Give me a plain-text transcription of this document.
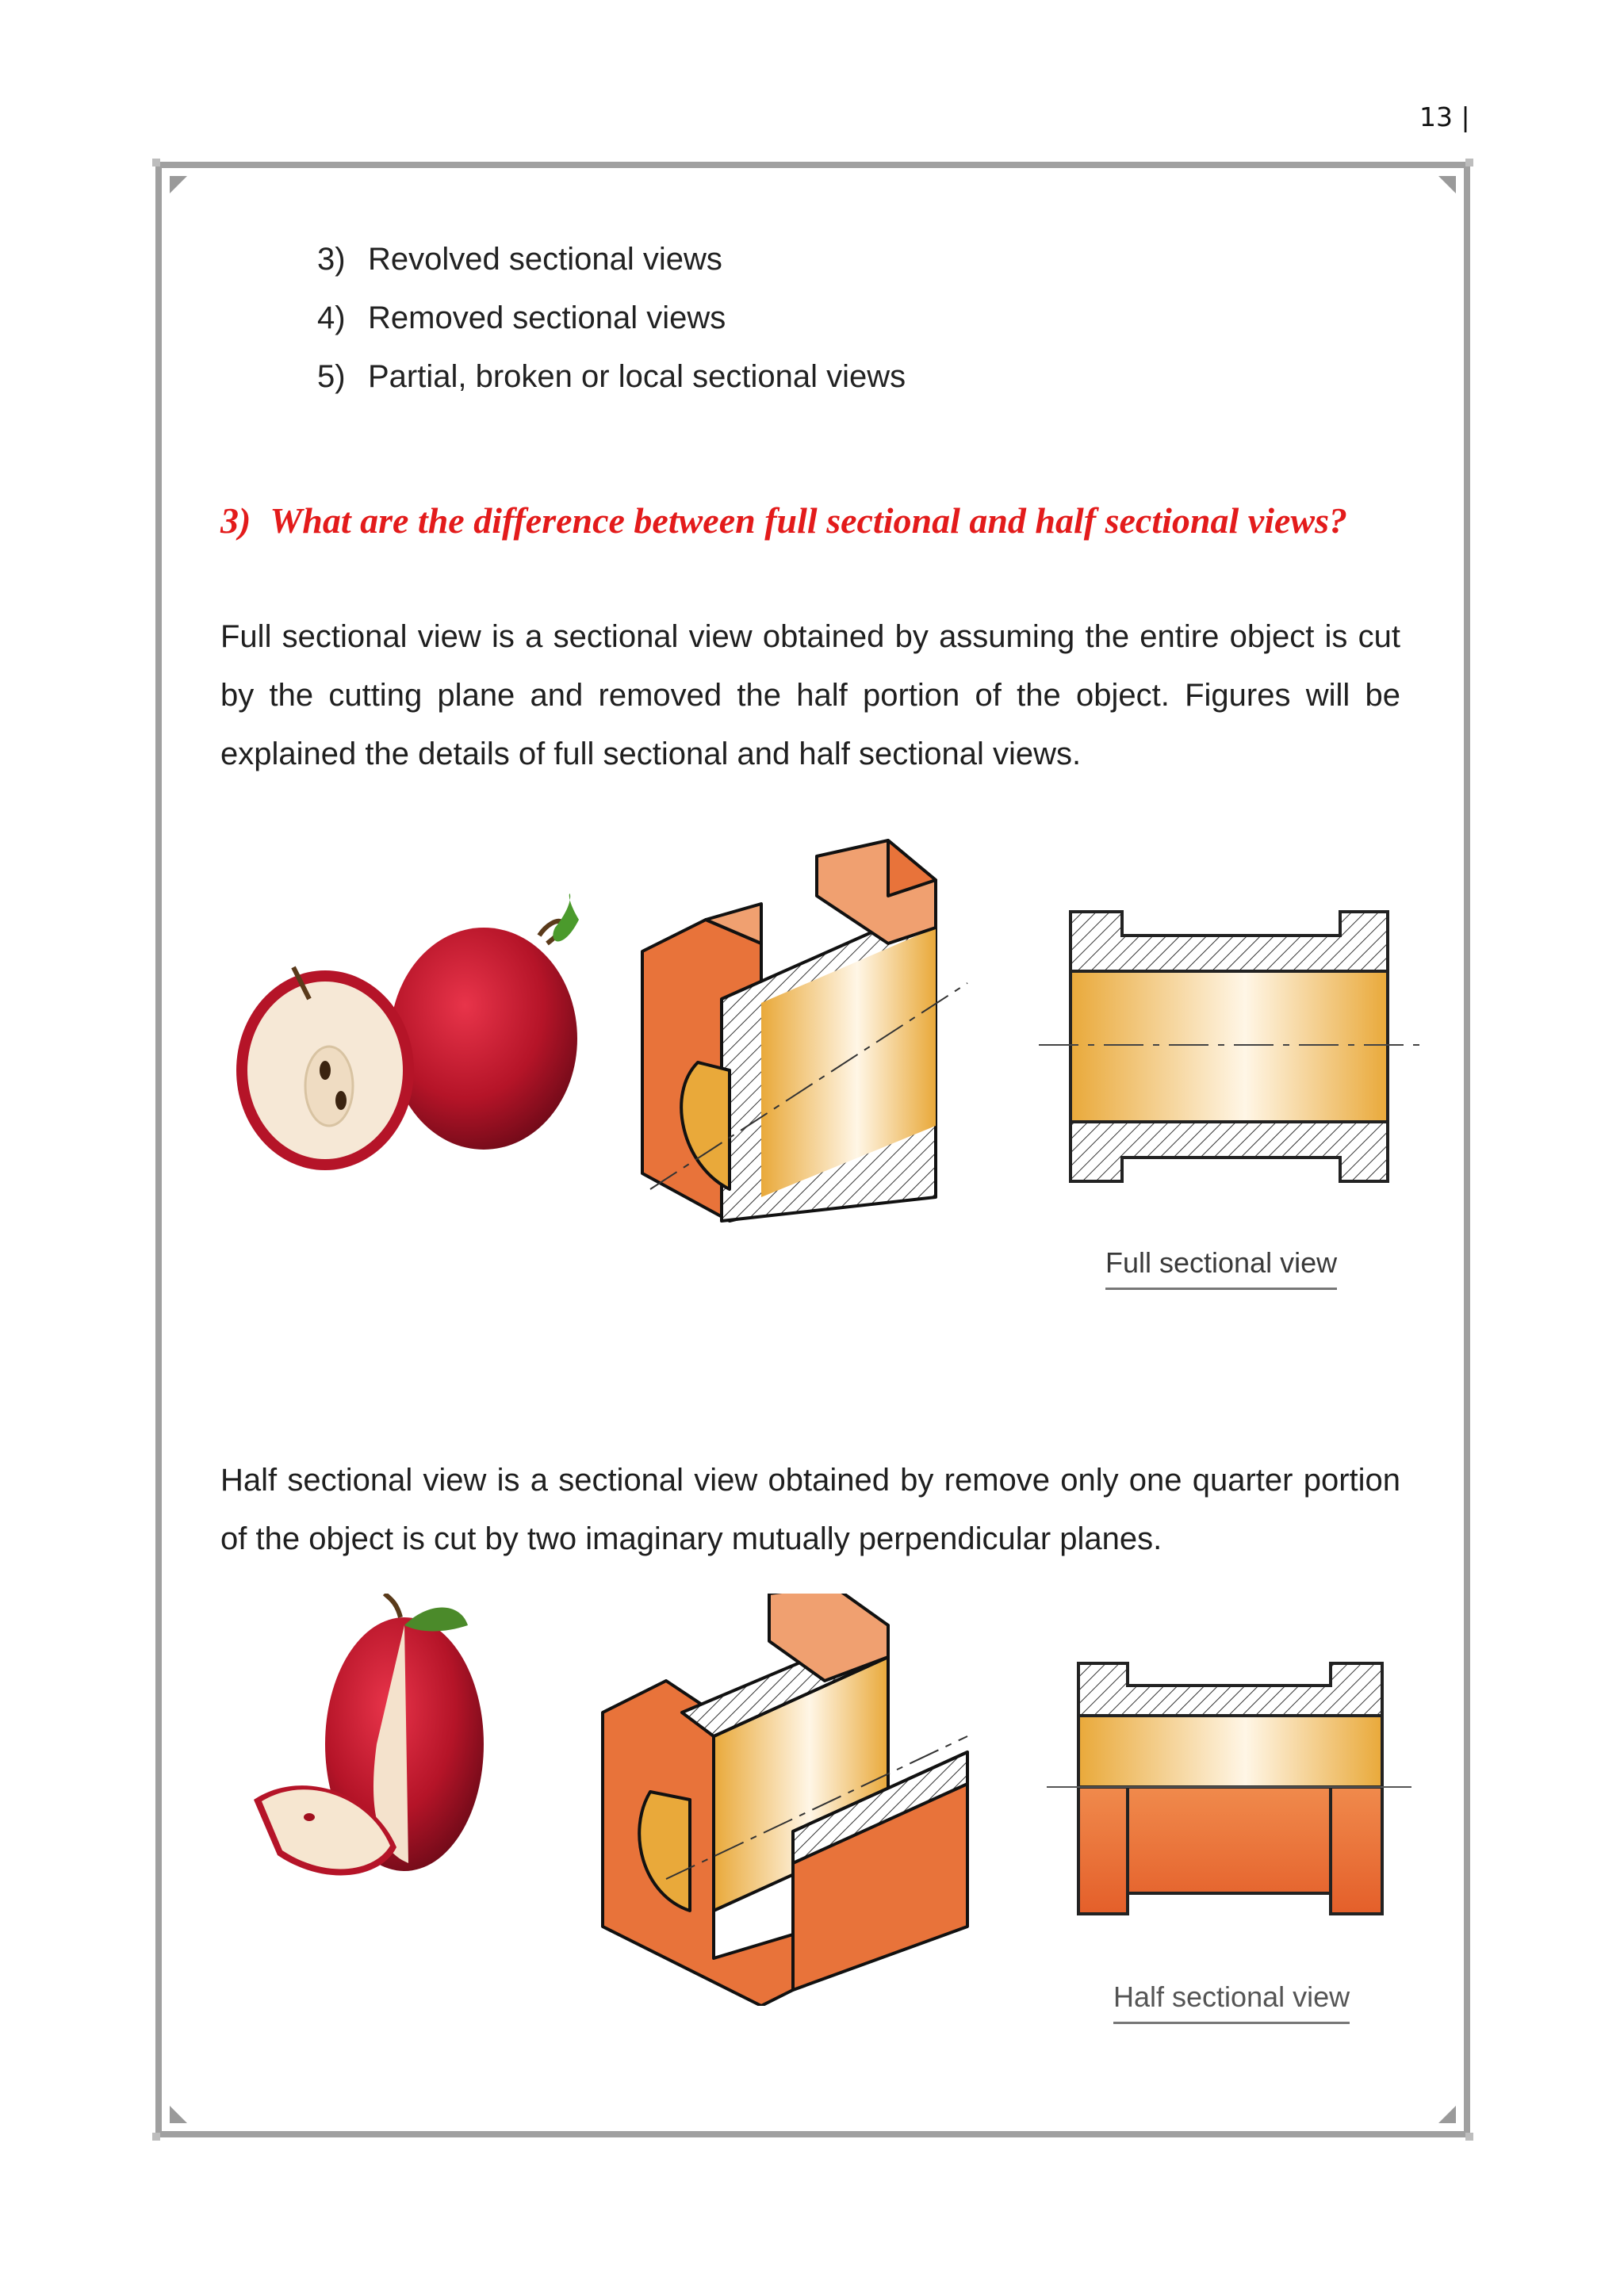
13 |
3) Revolved sectional views
4) Removed sectional views
5) Partial, broken or local sectional views
3) What are the difference between full sectional and half sectional views?

Full sectional view is a sectional view obtained by assuming the entire object is cut by the cutting plane and removed the half portion of the object. Figures will be explained the details of full sectional and half sectional views.

Full sectional view

Half sectional view is a sectional view obtained by remove only one quarter portion of the object is cut by two imaginary mutually perpendicular planes.

Half sectional view
